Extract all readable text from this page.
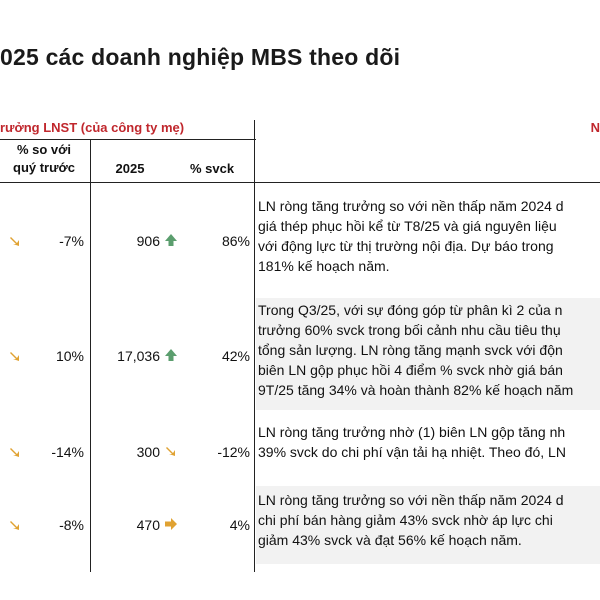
025 các doanh nghiệp MBS theo dõi
rưởng LNST (của công ty mẹ)	N
% so với
quý trước	2025	% svck
-7%	906	86%
LN ròng tăng trưởng so với nền thấp năm 2024 d
giá thép phục hồi kể từ T8/25 và giá nguyên liệu
với động lực từ thị trường nội địa. Dự báo trong
181% kế hoạch năm.
10%	17,036	42%
Trong Q3/25, với sự đóng góp từ phân kì 2 của n
trưởng 60% svck trong bối cảnh nhu cầu tiêu thụ
tổng sản lượng. LN ròng tăng mạnh svck với độn
biên LN gộp phục hồi 4 điểm % svck nhờ giá bán
9T/25 tăng 34% và hoàn thành 82% kế hoạch năm
-14%	300	-12%
LN ròng tăng trưởng nhờ (1) biên LN gộp tăng nh
39% svck do chi phí vận tải hạ nhiệt. Theo đó, LN
-8%	470	4%
LN ròng tăng trưởng so với nền thấp năm 2024 d
chi phí bán hàng giảm 43% svck nhờ áp lực chi
giảm 43% svck và đạt 56% kế hoạch năm.
